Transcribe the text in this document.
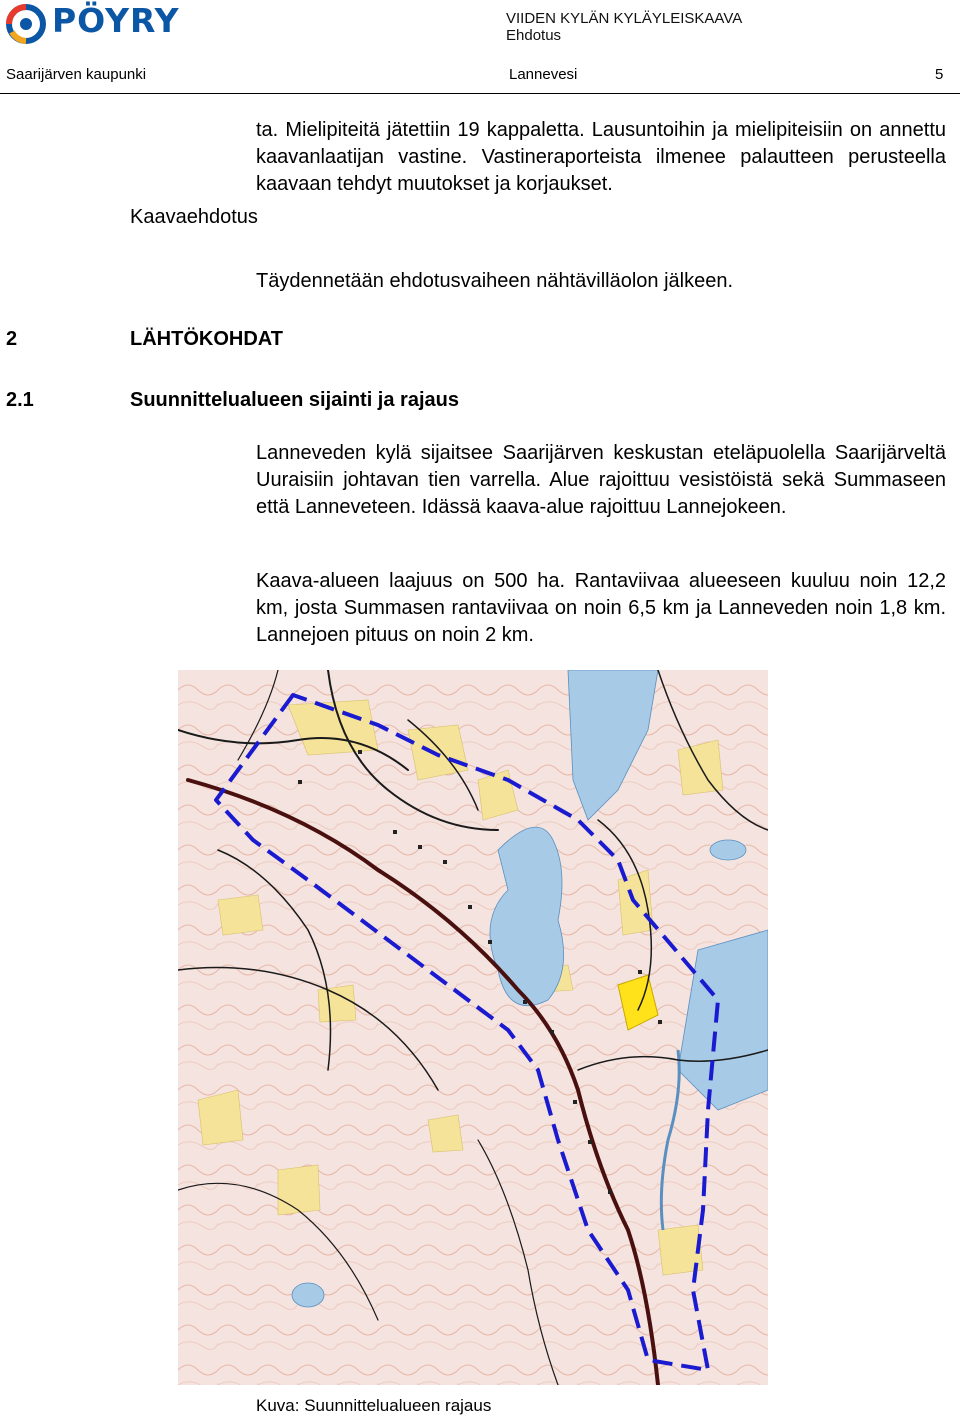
PÖYRY	VIIDEN KYLÄN KYLÄYLEISKAAVA
Ehdotus
Saarijärven kaupunki	Lannevesi	5
ta. Mielipiteitä jätettiin 19 kappaletta. Lausuntoihin ja mielipiteisiin on annettu kaavanlaatijan vastine. Vastineraporteista ilmenee palautteen perusteella kaavaan tehdyt muutokset ja korjaukset.
Kaavaehdotus
Täydennetään ehdotusvaiheen nähtävilläolon jälkeen.
2	LÄHTÖKOHDAT
2.1	Suunnittelualueen sijainti ja rajaus
Lanneveden kylä sijaitsee Saarijärven keskustan eteläpuolella Saarijärveltä Uuraisiin johtavan tien varrella. Alue rajoittuu vesistöistä sekä Summaseen että Lanneveteen. Idässä kaava-alue rajoittuu Lannejokeen.
Kaava-alueen laajuus on 500 ha. Rantaviivaa alueeseen kuuluu noin 12,2 km, josta Summasen rantaviivaa on noin 6,5 km ja Lanneveden noin 1,8 km. Lannejoen pituus on noin 2 km.
Kuva: Suunnittelualueen rajaus
